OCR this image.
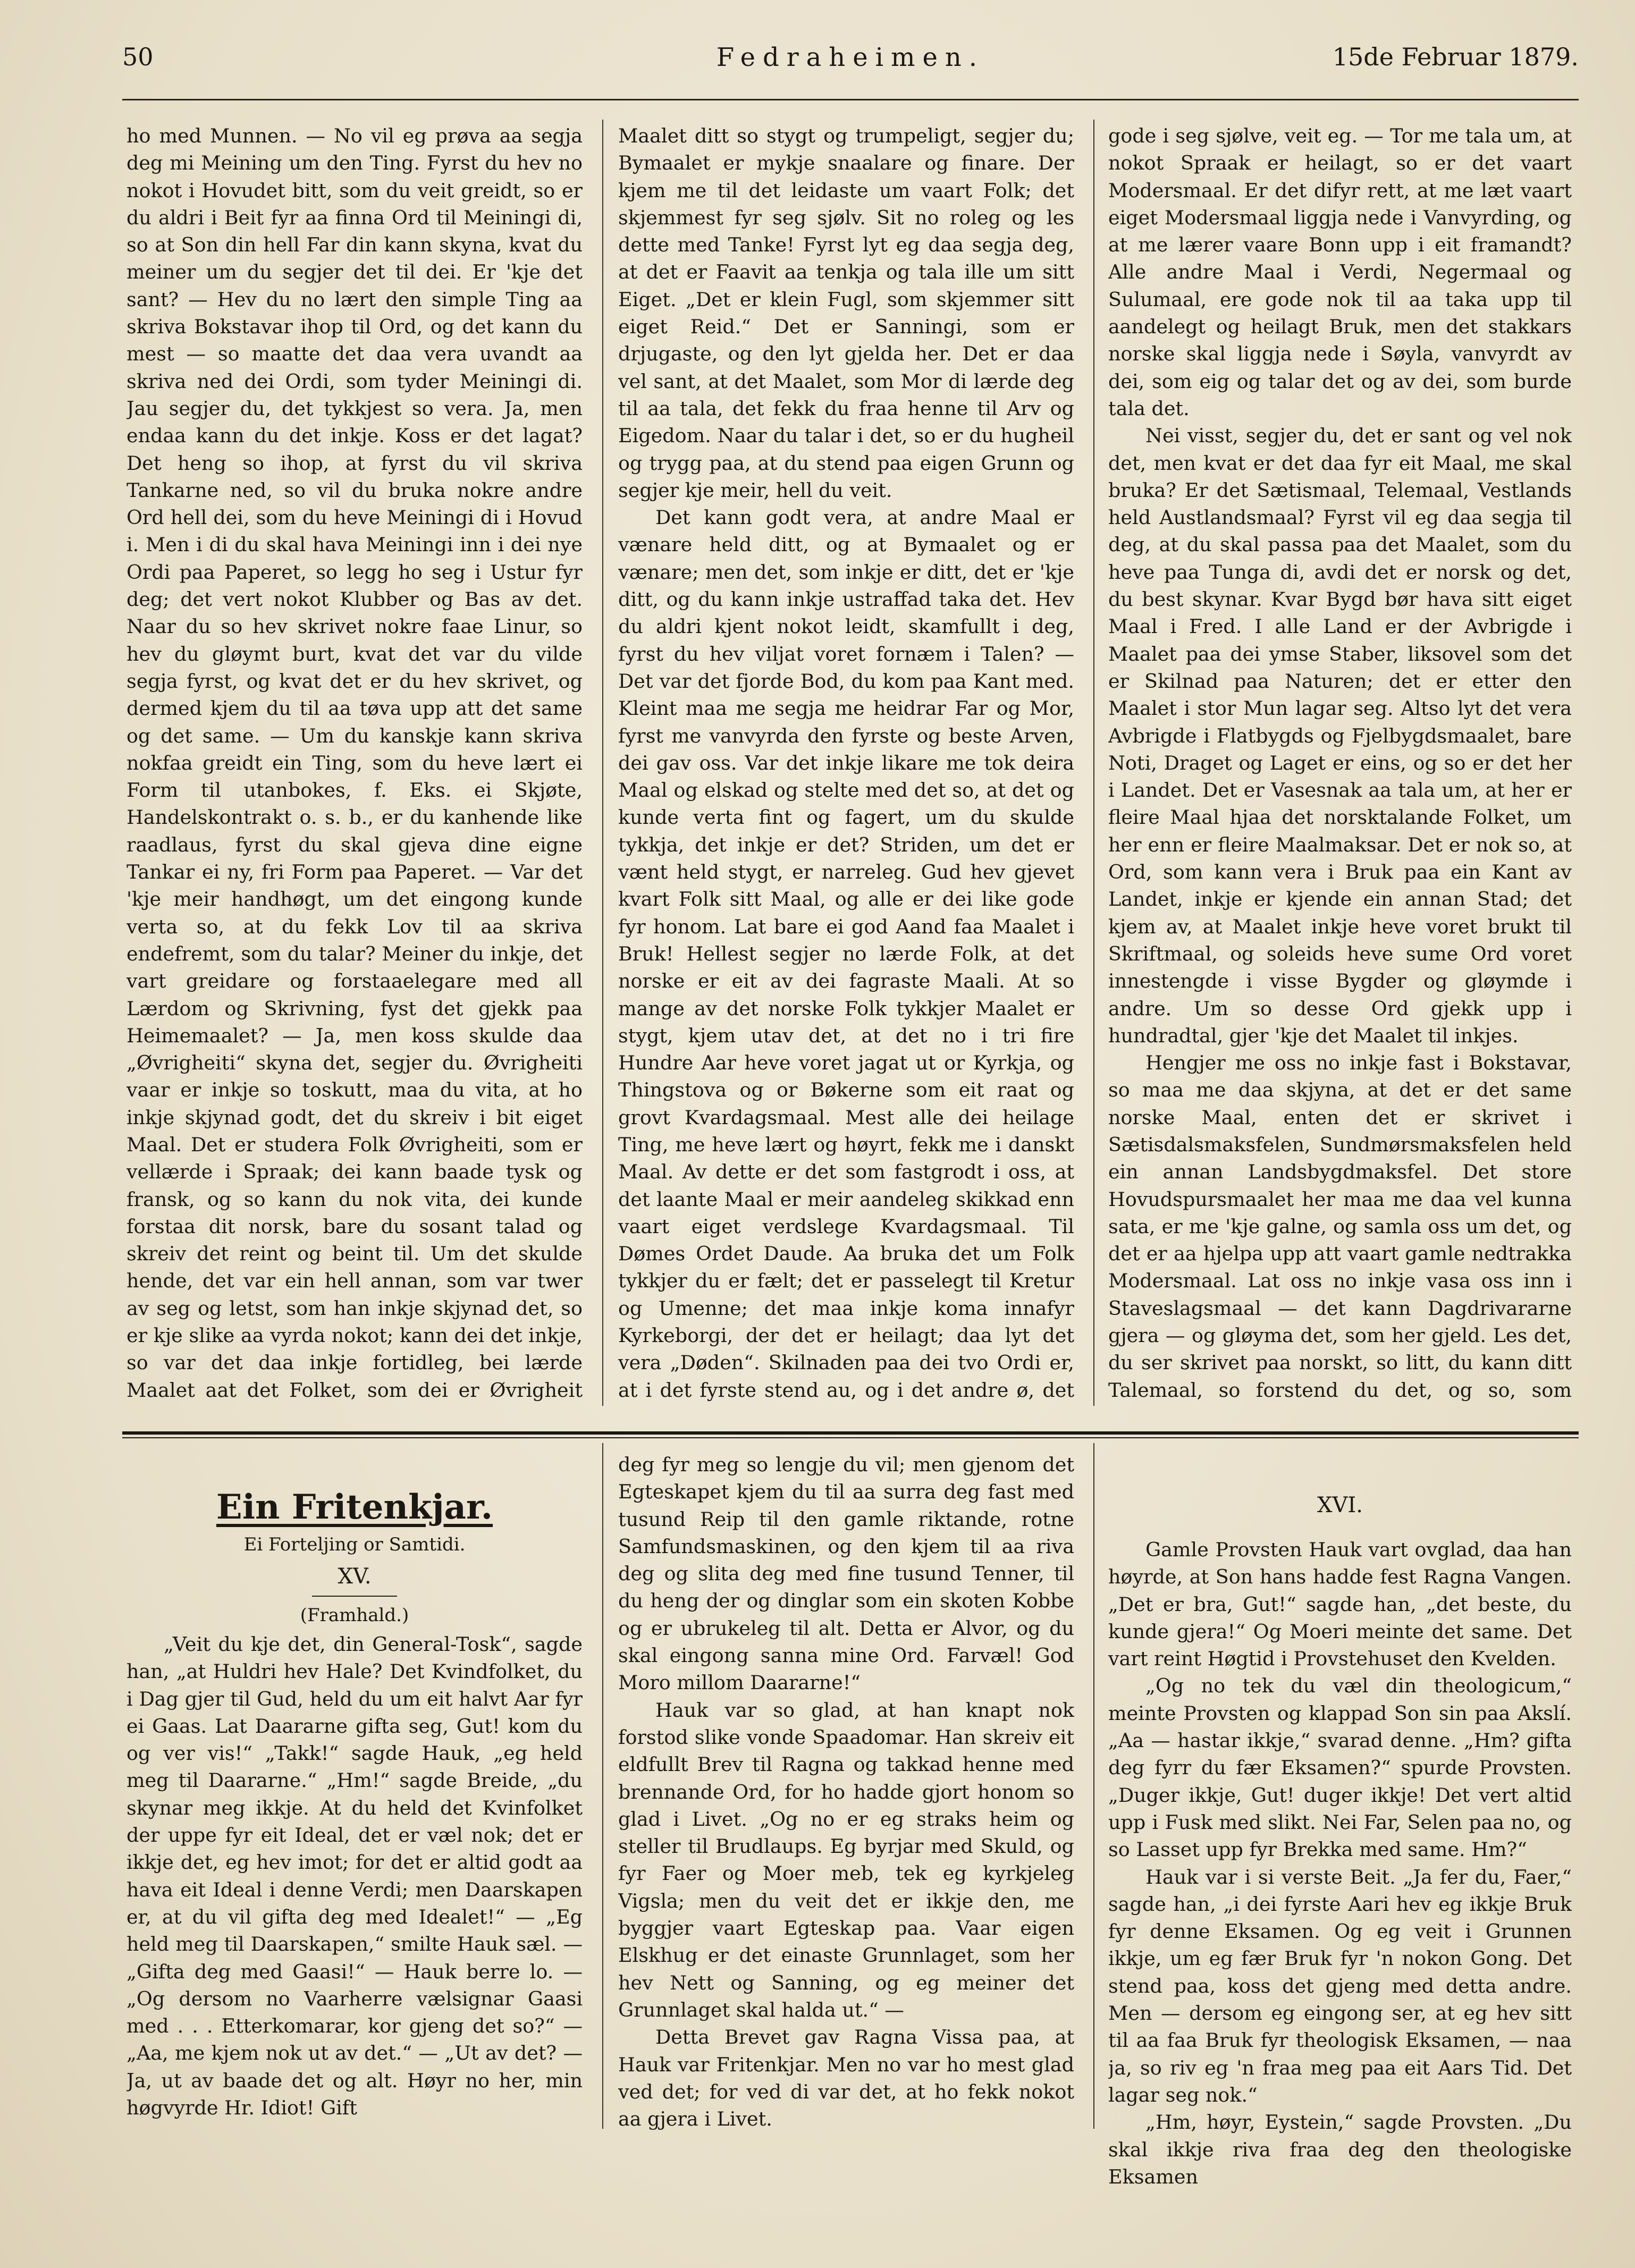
50	Fedraheimen.	15de Februar 1879.

ho med Munnen. — No vil eg prøva aa segja deg mi Meining um den Ting. Fyrst du hev no nokot i Hovudet bitt, som du veit greidt, so er du aldri i Beit fyr aa finna Ord til Meiningi di, so at Son din hell Far din kann skyna, kvat du meiner um du segjer det til dei. Er 'kje det sant? — Hev du no lært den simple Ting aa skriva Bokstavar ihop til Ord, og det kann du mest — so maatte det daa vera uvandt aa skriva ned dei Ordi, som tyder Meiningi di. Jau segjer du, det tykkjest so vera. Ja, men endaa kann du det inkje. Koss er det lagat? Det heng so ihop, at fyrst du vil skriva Tankarne ned, so vil du bruka nokre andre Ord hell dei, som du heve Meiningi di i Hovud i. Men i di du skal hava Meiningi inn i dei nye Ordi paa Paperet, so legg ho seg i Ustur fyr deg; det vert nokot Klubber og Bas av det. Naar du so hev skrivet nokre faae Linur, so hev du gløymt burt, kvat det var du vilde segja fyrst, og kvat det er du hev skrivet, og dermed kjem du til aa tøva upp att det same og det same. — Um du kanskje kann skriva nokfaa greidt ein Ting, som du heve lært ei Form til utanbokes, f. Eks. ei Skjøte, Handelskontrakt o. s. b., er du kanhende like raadlaus, fyrst du skal gjeva dine eigne Tankar ei ny, fri Form paa Paperet. — Var det 'kje meir handhøgt, um det eingong kunde verta so, at du fekk Lov til aa skriva endefremt, som du talar? Meiner du inkje, det vart greidare og forstaaelegare med all Lærdom og Skrivning, fyst det gjekk paa Heimemaalet? — Ja, men koss skulde daa „Øvrigheiti“ skyna det, segjer du. Øvrigheiti vaar er inkje so toskutt, maa du vita, at ho inkje skjynad godt, det du skreiv i bit eiget Maal. Det er studera Folk Øvrigheiti, som er vellærde i Spraak; dei kann baade tysk og fransk, og so kann du nok vita, dei kunde forstaa dit norsk, bare du sosant talad og skreiv det reint og beint til. Um det skulde hende, det var ein hell annan, som var twer av seg og letst, som han inkje skjynad det, so er kje slike aa vyrda nokot; kann dei det inkje, so var det daa inkje fortidleg, bei lærde Maalet aat det Folket, som dei er Øvrigheit

Maalet ditt so stygt og trumpeligt, segjer du; Bymaalet er mykje snaalare og finare. Der kjem me til det leidaste um vaart Folk; det skjemmest fyr seg sjølv. Sit no roleg og les dette med Tanke! Fyrst lyt eg daa segja deg, at det er Faavit aa tenkja og tala ille um sitt Eiget. „Det er klein Fugl, som skjemmer sitt eiget Reid.“ Det er Sanningi, som er drjugaste, og den lyt gjelda her. Det er daa vel sant, at det Maalet, som Mor di lærde deg til aa tala, det fekk du fraa henne til Arv og Eigedom. Naar du talar i det, so er du hugheil og trygg paa, at du stend paa eigen Grunn og segjer kje meir, hell du veit.

Det kann godt vera, at andre Maal er vænare held ditt, og at Bymaalet og er vænare; men det, som inkje er ditt, det er 'kje ditt, og du kann inkje ustraffad taka det. Hev du aldri kjent nokot leidt, skamfullt i deg, fyrst du hev viljat voret fornæm i Talen? — Det var det fjorde Bod, du kom paa Kant med. Kleint maa me segja me heidrar Far og Mor, fyrst me vanvyrda den fyrste og beste Arven, dei gav oss. Var det inkje likare me tok deira Maal og elskad og stelte med det so, at det og kunde verta fint og fagert, um du skulde tykkja, det inkje er det? Striden, um det er vænt held stygt, er narreleg. Gud hev gjevet kvart Folk sitt Maal, og alle er dei like gode fyr honom. Lat bare ei god Aand faa Maalet i Bruk! Hellest segjer no lærde Folk, at det norske er eit av dei fagraste Maali. At so mange av det norske Folk tykkjer Maalet er stygt, kjem utav det, at det no i tri fire Hundre Aar heve voret jagat ut or Kyrkja, og Thingstova og or Bøkerne som eit raat og grovt Kvardagsmaal. Mest alle dei heilage Ting, me heve lært og høyrt, fekk me i danskt Maal. Av dette er det som fastgrodt i oss, at det laante Maal er meir aandeleg skikkad enn vaart eiget verdslege Kvardagsmaal. Til Dømes Ordet Daude. Aa bruka det um Folk tykkjer du er fælt; det er passelegt til Kretur og Umenne; det maa inkje koma innafyr Kyrkeborgi, der det er heilagt; daa lyt det vera „Døden“. Skilnaden paa dei tvo Ordi er, at i det fyrste stend au, og i det andre ø, det

gode i seg sjølve, veit eg. — Tor me tala um, at nokot Spraak er heilagt, so er det vaart Modersmaal. Er det difyr rett, at me læt vaart eiget Modersmaal liggja nede i Vanvyrding, og at me lærer vaare Bonn upp i eit framandt? Alle andre Maal i Verdi, Negermaal og Sulumaal, ere gode nok til aa taka upp til aandelegt og heilagt Bruk, men det stakkars norske skal liggja nede i Søyla, vanvyrdt av dei, som eig og talar det og av dei, som burde tala det.

Nei visst, segjer du, det er sant og vel nok det, men kvat er det daa fyr eit Maal, me skal bruka? Er det Sætismaal, Telemaal, Vestlands held Austlandsmaal? Fyrst vil eg daa segja til deg, at du skal passa paa det Maalet, som du heve paa Tunga di, avdi det er norsk og det, du best skynar. Kvar Bygd bør hava sitt eiget Maal i Fred. I alle Land er der Avbrigde i Maalet paa dei ymse Staber, liksovel som det er Skilnad paa Naturen; det er etter den Maalet i stor Mun lagar seg. Altso lyt det vera Avbrigde i Flatbygds og Fjelbygdsmaalet, bare Noti, Draget og Laget er eins, og so er det her i Landet. Det er Vasesnak aa tala um, at her er fleire Maal hjaa det norsktalande Folket, um her enn er fleire Maalmaksar. Det er nok so, at Ord, som kann vera i Bruk paa ein Kant av Landet, inkje er kjende ein annan Stad; det kjem av, at Maalet inkje heve voret brukt til Skriftmaal, og soleids heve sume Ord voret innestengde i visse Bygder og gløymde i andre. Um so desse Ord gjekk upp i hundradtal, gjer 'kje det Maalet til inkjes.

Hengjer me oss no inkje fast i Bokstavar, so maa me daa skjyna, at det er det same norske Maal, enten det er skrivet i Sætisdalsmaksfelen, Sundmørsmaksfelen held ein annan Landsbygdmaksfel. Det store Hovudspursmaalet her maa me daa vel kunna sata, er me 'kje galne, og samla oss um det, og det er aa hjelpa upp att vaart gamle nedtrakka Modersmaal. Lat oss no inkje vasa oss inn i Staveslagsmaal — det kann Dagdrivararne gjera — og gløyma det, som her gjeld. Les det, du ser skrivet paa norskt, so litt, du kann ditt Talemaal, so forstend du det, og so, som

Ein Fritenkjar.
Ei Forteljing or Samtidi.
XV.
(Framhald.)

„Veit du kje det, din General-Tosk“, sagde han, „at Huldri hev Hale? Det Kvindfolket, du i Dag gjer til Gud, held du um eit halvt Aar fyr ei Gaas. Lat Daararne gifta seg, Gut! kom du og ver vis!“ „Takk!“ sagde Hauk, „eg held meg til Daararne.“ „Hm!“ sagde Breide, „du skynar meg ikkje. At du held det Kvinfolket der uppe fyr eit Ideal, det er væl nok; det er ikkje det, eg hev imot; for det er altid godt aa hava eit Ideal i denne Verdi; men Daarskapen er, at du vil gifta deg med Idealet!“ — „Eg held meg til Daarskapen,“ smilte Hauk sæl. — „Gifta deg med Gaasi!“ — Hauk berre lo. — „Og dersom no Vaarherre vælsignar Gaasi med . . . Etterkomarar, kor gjeng det so?“ — „Aa, me kjem nok ut av det.“ — „Ut av det? — Ja, ut av baade det og alt. Høyr no her, min høgvyrde Hr. Idiot! Gift

deg fyr meg so lengje du vil; men gjenom det Egteskapet kjem du til aa surra deg fast med tusund Reip til den gamle riktande, rotne Samfundsmaskinen, og den kjem til aa riva deg og slita deg med fine tusund Tenner, til du heng der og dinglar som ein skoten Kobbe og er ubrukeleg til alt. Detta er Alvor, og du skal eingong sanna mine Ord. Farvæl! God Moro millom Daararne!“

Hauk var so glad, at han knapt nok forstod slike vonde Spaadomar. Han skreiv eit eldfullt Brev til Ragna og takkad henne med brennande Ord, for ho hadde gjort honom so glad i Livet. „Og no er eg straks heim og steller til Brudlaups. Eg byrjar med Skuld, og fyr Faer og Moer meb, tek eg kyrkjeleg Vigsla; men du veit det er ikkje den, me byggjer vaart Egteskap paa. Vaar eigen Elskhug er det einaste Grunnlaget, som her hev Nett og Sanning, og eg meiner det Grunnlaget skal halda ut.“ —

Detta Brevet gav Ragna Vissa paa, at Hauk var Fritenkjar. Men no var ho mest glad ved det; for ved di var det, at ho fekk nokot aa gjera i Livet.

XVI.

Gamle Provsten Hauk vart ovglad, daa han høyrde, at Son hans hadde fest Ragna Vangen. „Det er bra, Gut!“ sagde han, „det beste, du kunde gjera!“ Og Moeri meinte det same. Det vart reint Høgtid i Provstehuset den Kvelden.

„Og no tek du væl din theologicum,“ meinte Provsten og klappad Son sin paa Akslí. „Aa — hastar ikkje,“ svarad denne. „Hm? gifta deg fyrr du fær Eksamen?“ spurde Provsten. „Duger ikkje, Gut! duger ikkje! Det vert altid upp i Fusk med slikt. Nei Far, Selen paa no, og so Lasset upp fyr Brekka med same. Hm?“

Hauk var i si verste Beit. „Ja fer du, Faer,“ sagde han, „i dei fyrste Aari hev eg ikkje Bruk fyr denne Eksamen. Og eg veit i Grunnen ikkje, um eg fær Bruk fyr 'n nokon Gong. Det stend paa, koss det gjeng med detta andre. Men — dersom eg eingong ser, at eg hev sitt til aa faa Bruk fyr theologisk Eksamen, — naa ja, so riv eg 'n fraa meg paa eit Aars Tid. Det lagar seg nok.“

„Hm, høyr, Eystein,“ sagde Provsten. „Du skal ikkje riva fraa deg den theologiske Eksamen
